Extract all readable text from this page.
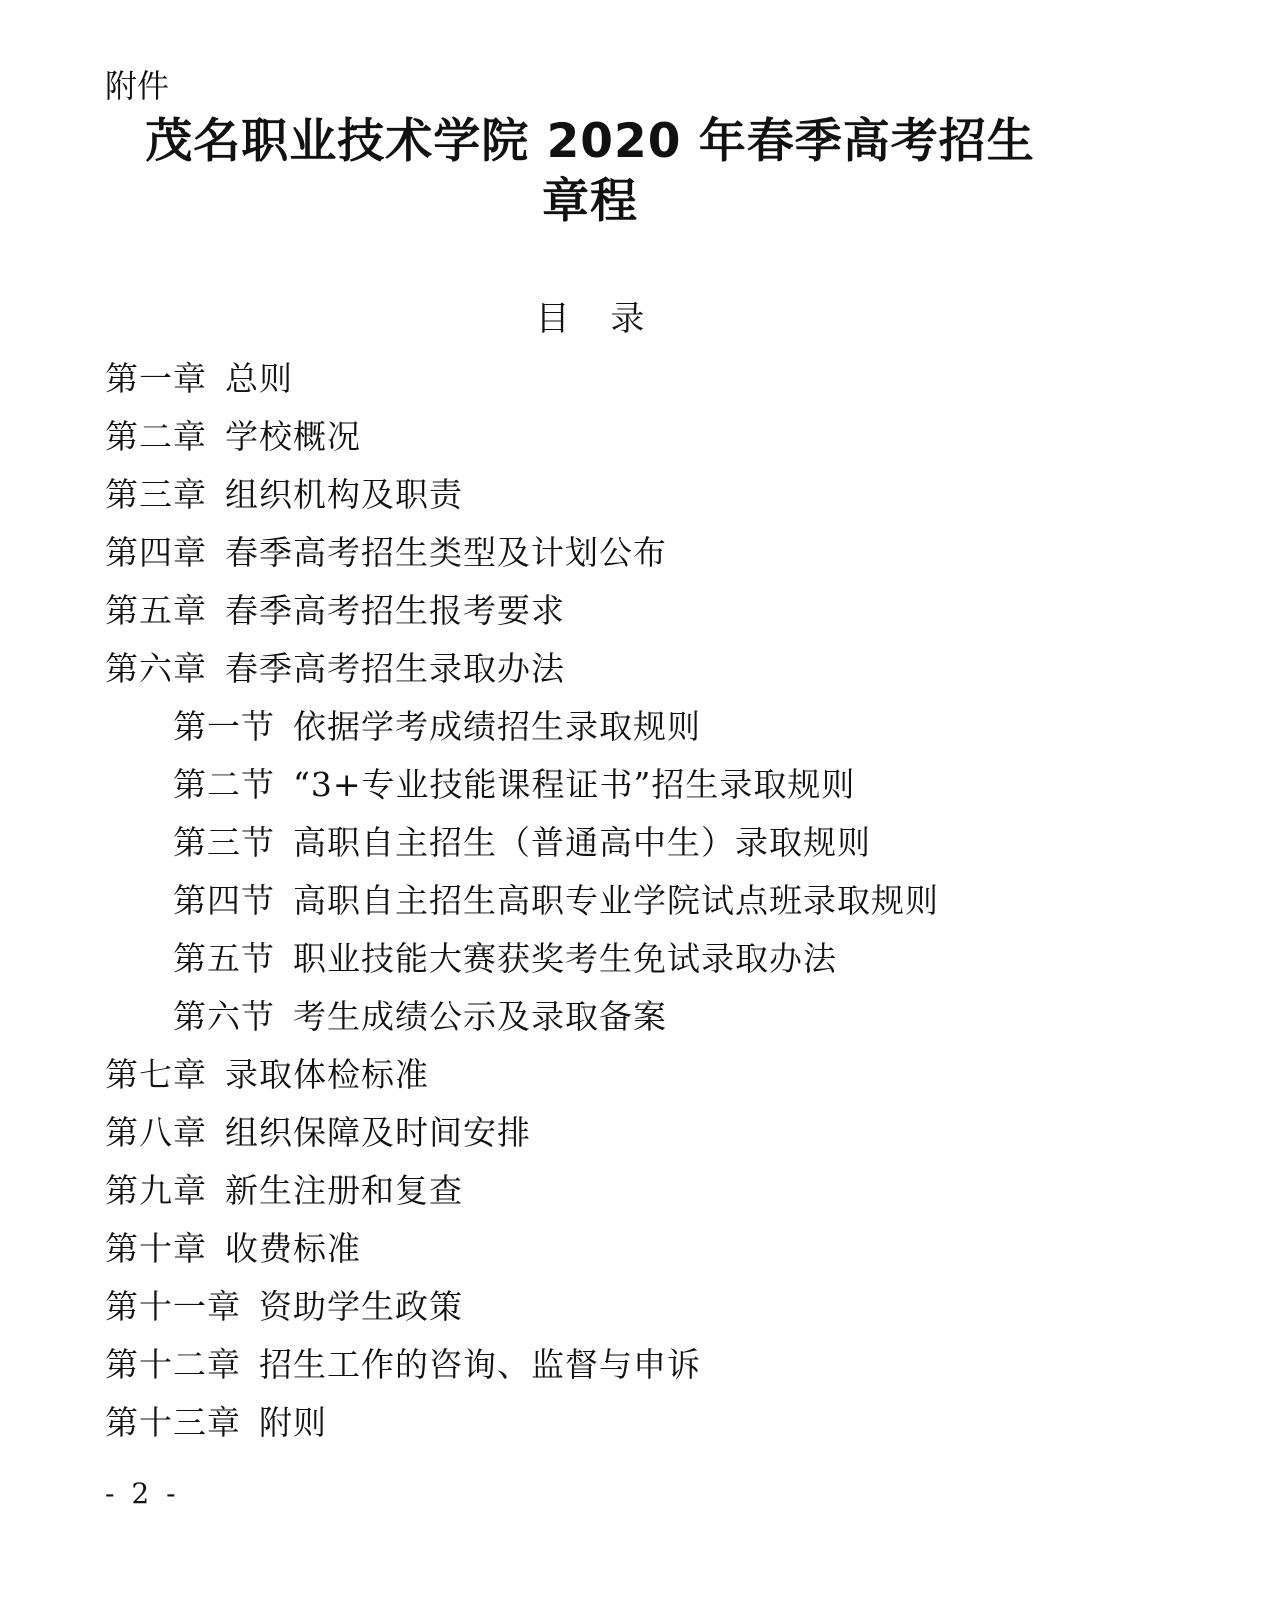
附件
茂名职业技术学院 2020 年春季高考招生
章程
目 录
第一章 总则
第二章 学校概况
第三章 组织机构及职责
第四章 春季高考招生类型及计划公布
第五章 春季高考招生报考要求
第六章 春季高考招生录取办法
第一节 依据学考成绩招生录取规则
第二节 “3+专业技能课程证书”招生录取规则
第三节 高职自主招生（普通高中生）录取规则
第四节 高职自主招生高职专业学院试点班录取规则
第五节 职业技能大赛获奖考生免试录取办法
第六节 考生成绩公示及录取备案
第七章 录取体检标准
第八章 组织保障及时间安排
第九章 新生注册和复查
第十章 收费标准
第十一章 资助学生政策
第十二章 招生工作的咨询、监督与申诉
第十三章 附则
- 2 -
